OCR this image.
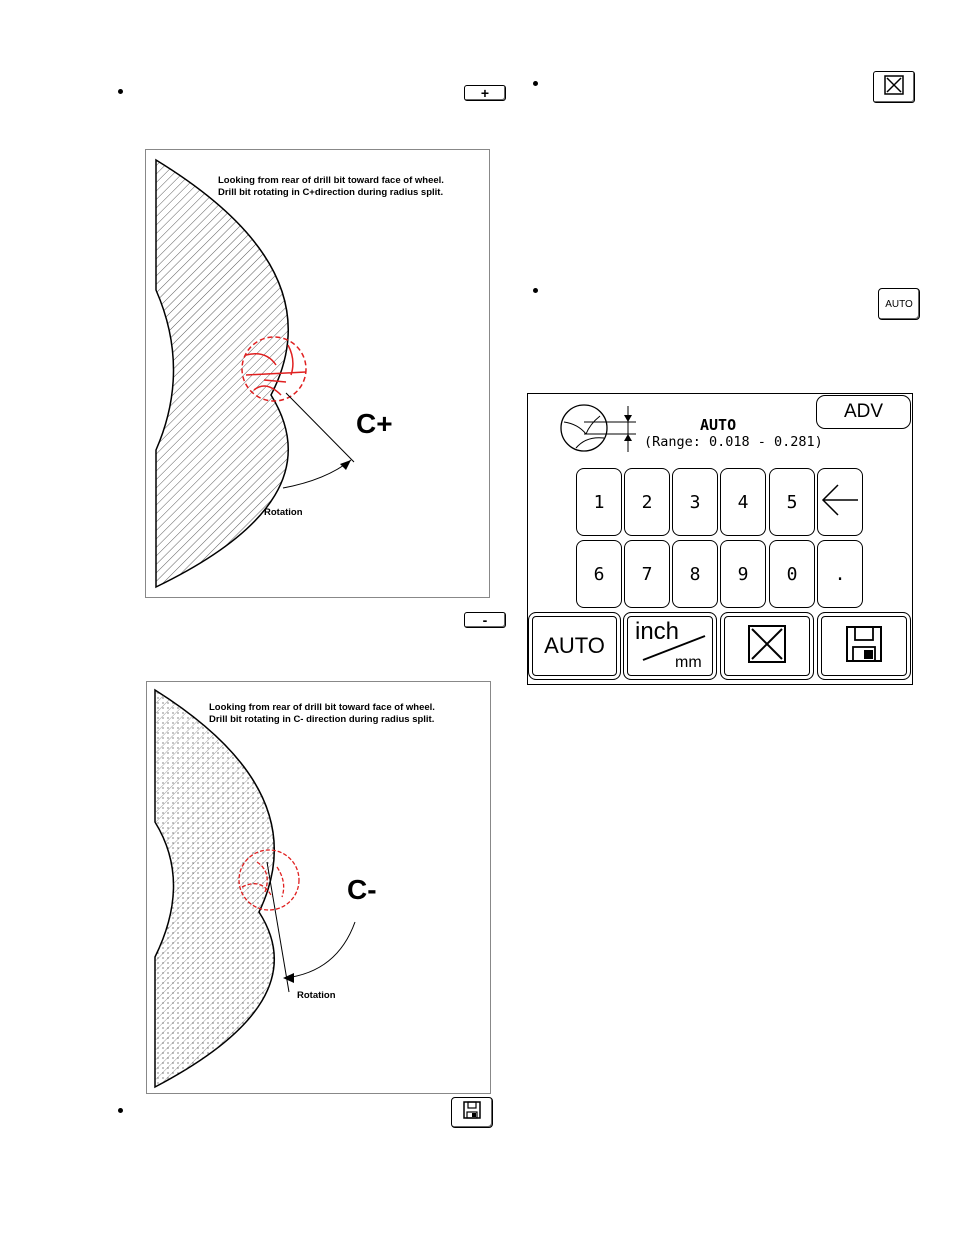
+
Looking from rear of drill bit toward face of wheel. Drill bit rotating in C+direction during radius split.
C+
Rotation
-
Looking from rear of drill bit toward face of wheel. Drill bit rotating in C- direction during radius split.
C-
Rotation
AUTO
AUTO
(Range: 0.018 - 0.281)
ADV
1 2 3 4 5
6 7 8 9 0 .
AUTO
inch
mm
